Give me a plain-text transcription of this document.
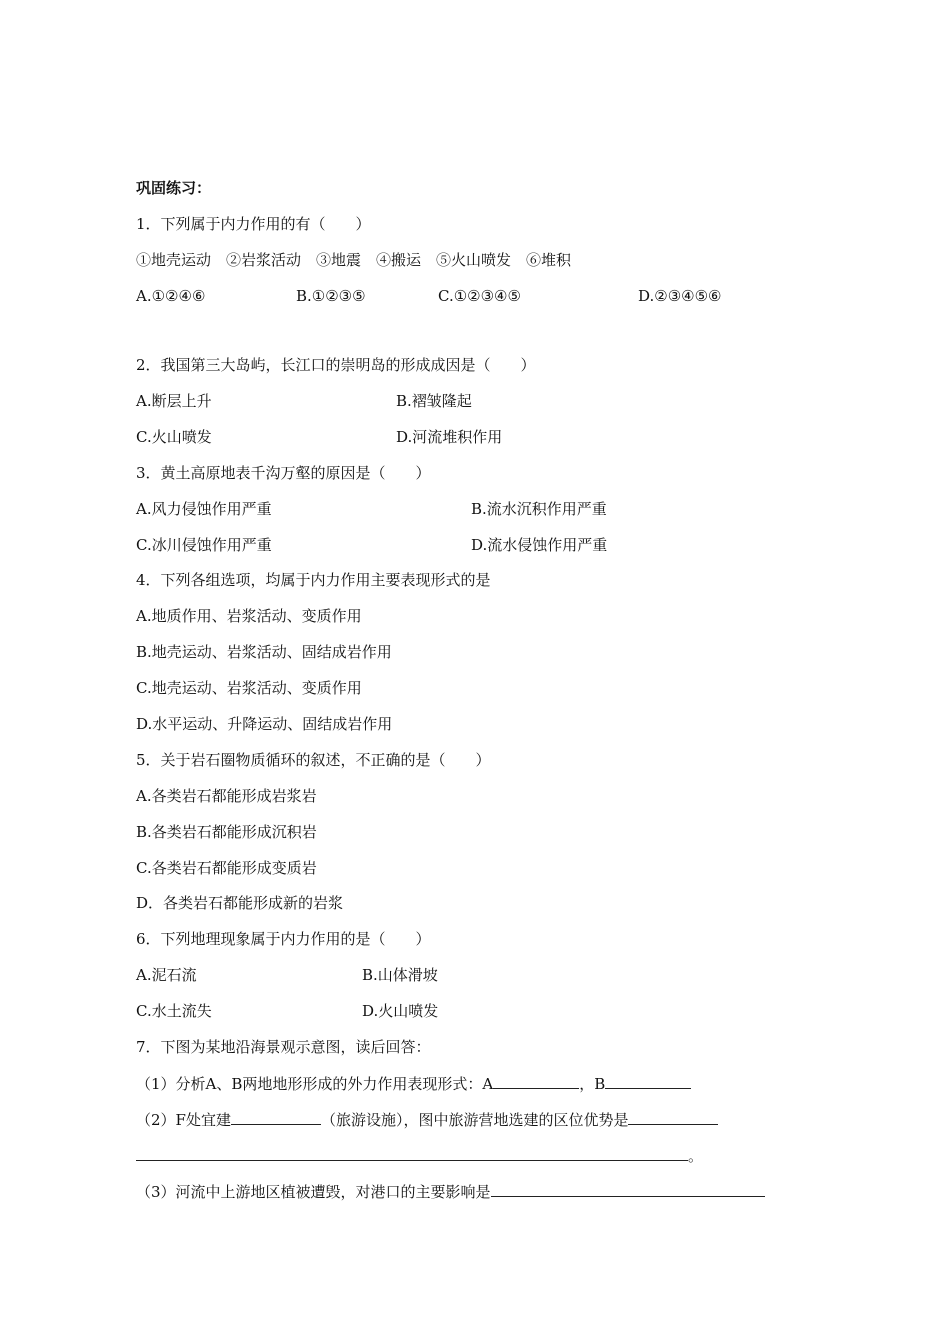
巩固练习：
1．下列属于内力作用的有（　　）
①地壳运动　②岩浆活动　③地震　④搬运　⑤火山喷发　⑥堆积
A.①②④⑥	B.①②③⑤	C.①②③④⑤	D.②③④⑤⑥
2．我国第三大岛屿，长江口的崇明岛的形成成因是（　　）
A.断层上升	B.褶皱隆起
C.火山喷发	D.河流堆积作用
3．黄土高原地表千沟万壑的原因是（　　）
A.风力侵蚀作用严重	B.流水沉积作用严重
C.冰川侵蚀作用严重	D.流水侵蚀作用严重
4．下列各组选项，均属于内力作用主要表现形式的是
A.地质作用、岩浆活动、变质作用
B.地壳运动、岩浆活动、固结成岩作用
C.地壳运动、岩浆活动、变质作用
D.水平运动、升降运动、固结成岩作用
5．关于岩石圈物质循环的叙述，不正确的是（　　）
A.各类岩石都能形成岩浆岩
B.各类岩石都能形成沉积岩
C.各类岩石都能形成变质岩
D．各类岩石都能形成新的岩浆
6．下列地理现象属于内力作用的是（　　）
A.泥石流	B.山体滑坡
C.水土流失	D.火山喷发
7．下图为某地沿海景观示意图，读后回答：
（1）分析A、B两地地形形成的外力作用表现形式：A	，B
（2）F处宜建	（旅游设施），图中旅游营地选建的区位优势是
。
（3）河流中上游地区植被遭毁，对港口的主要影响是
